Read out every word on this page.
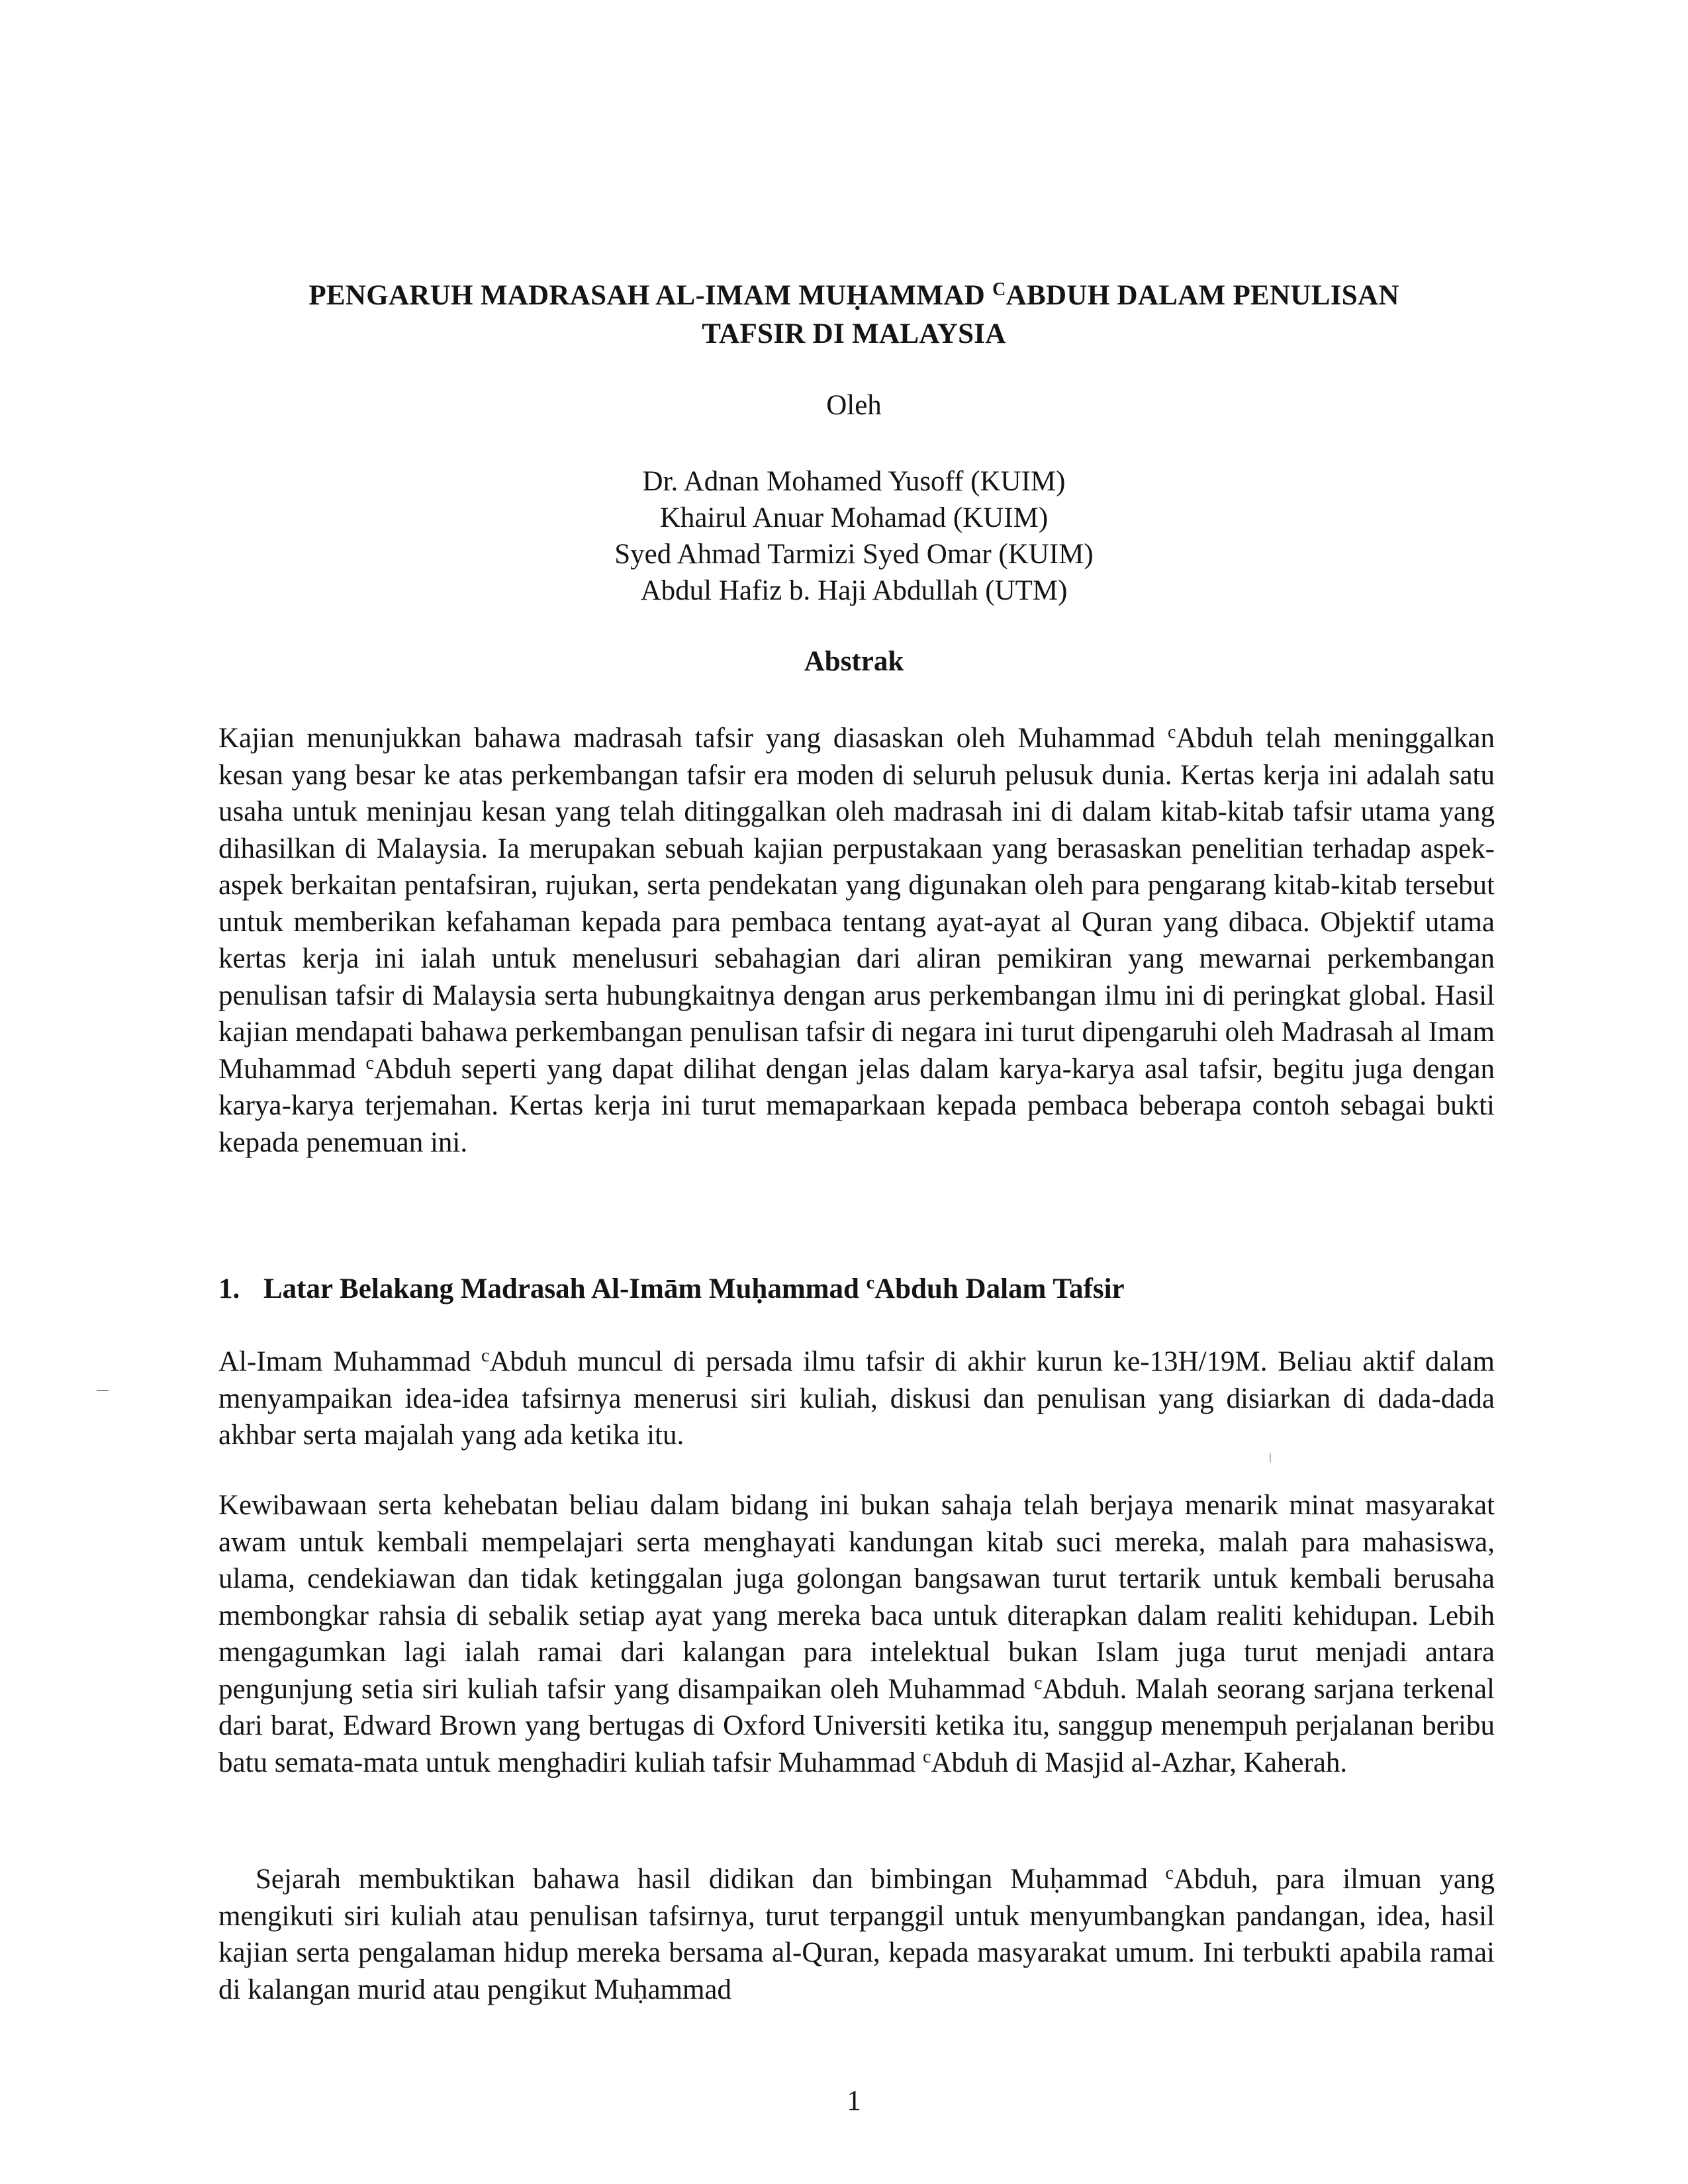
PENGARUH MADRASAH AL-IMAM MUḤAMMAD $^C$ABDUH DALAM PENULISAN
TAFSIR DI MALAYSIA
Oleh
Dr. Adnan Mohamed Yusoff (KUIM)
Khairul Anuar Mohamad (KUIM)
Syed Ahmad Tarmizi Syed Omar (KUIM)
Abdul Hafiz b. Haji Abdullah (UTM)
Abstrak

Kajian menunjukkan bahawa madrasah tafsir yang diasaskan oleh Muhammad $^c$Abduh telah meninggalkan kesan yang besar ke atas perkembangan tafsir era moden di seluruh pelusuk dunia. Kertas kerja ini adalah satu usaha untuk meninjau kesan yang telah ditinggalkan oleh madrasah ini di dalam kitab-kitab tafsir utama yang dihasilkan di Malaysia. Ia merupakan sebuah kajian perpustakaan yang berasaskan penelitian terhadap aspek-aspek berkaitan pentafsiran, rujukan, serta pendekatan yang digunakan oleh para pengarang kitab-kitab tersebut untuk memberikan kefahaman kepada para pembaca tentang ayat-ayat al Quran yang dibaca. Objektif utama kertas kerja ini ialah untuk menelusuri sebahagian dari aliran pemikiran yang mewarnai perkembangan penulisan tafsir di Malaysia serta hubungkaitnya dengan arus perkembangan ilmu ini di peringkat global. Hasil kajian mendapati bahawa perkembangan penulisan tafsir di negara ini turut dipengaruhi oleh Madrasah al Imam Muhammad $^c$Abduh seperti yang dapat dilihat dengan jelas dalam karya-karya asal tafsir, begitu juga dengan karya-karya terjemahan. Kertas kerja ini turut memaparkaan kepada pembaca beberapa contoh sebagai bukti kepada penemuan ini.

1. Latar Belakang Madrasah Al-Imām Muḥammad $^c$Abduh Dalam Tafsir

Al-Imam Muhammad $^c$Abduh muncul di persada ilmu tafsir di akhir kurun ke-13H/19M. Beliau aktif dalam menyampaikan idea-idea tafsirnya menerusi siri kuliah, diskusi dan penulisan yang disiarkan di dada-dada akhbar serta majalah yang ada ketika itu.

Kewibawaan serta kehebatan beliau dalam bidang ini bukan sahaja telah berjaya menarik minat masyarakat awam untuk kembali mempelajari serta menghayati kandungan kitab suci mereka, malah para mahasiswa, ulama, cendekiawan dan tidak ketinggalan juga golongan bangsawan turut tertarik untuk kembali berusaha membongkar rahsia di sebalik setiap ayat yang mereka baca untuk diterapkan dalam realiti kehidupan. Lebih mengagumkan lagi ialah ramai dari kalangan para intelektual bukan Islam juga turut menjadi antara pengunjung setia siri kuliah tafsir yang disampaikan oleh Muhammad $^c$Abduh. Malah seorang sarjana terkenal dari barat, Edward Brown yang bertugas di Oxford Universiti ketika itu, sanggup menempuh perjalanan beribu batu semata-mata untuk menghadiri kuliah tafsir Muhammad $^c$Abduh di Masjid al-Azhar, Kaherah.

Sejarah membuktikan bahawa hasil didikan dan bimbingan Muḥammad $^c$Abduh, para ilmuan yang mengikuti siri kuliah atau penulisan tafsirnya, turut terpanggil untuk menyumbangkan pandangan, idea, hasil kajian serta pengalaman hidup mereka bersama al-Quran, kepada masyarakat umum. Ini terbukti apabila ramai di kalangan murid atau pengikut Muḥammad

1
